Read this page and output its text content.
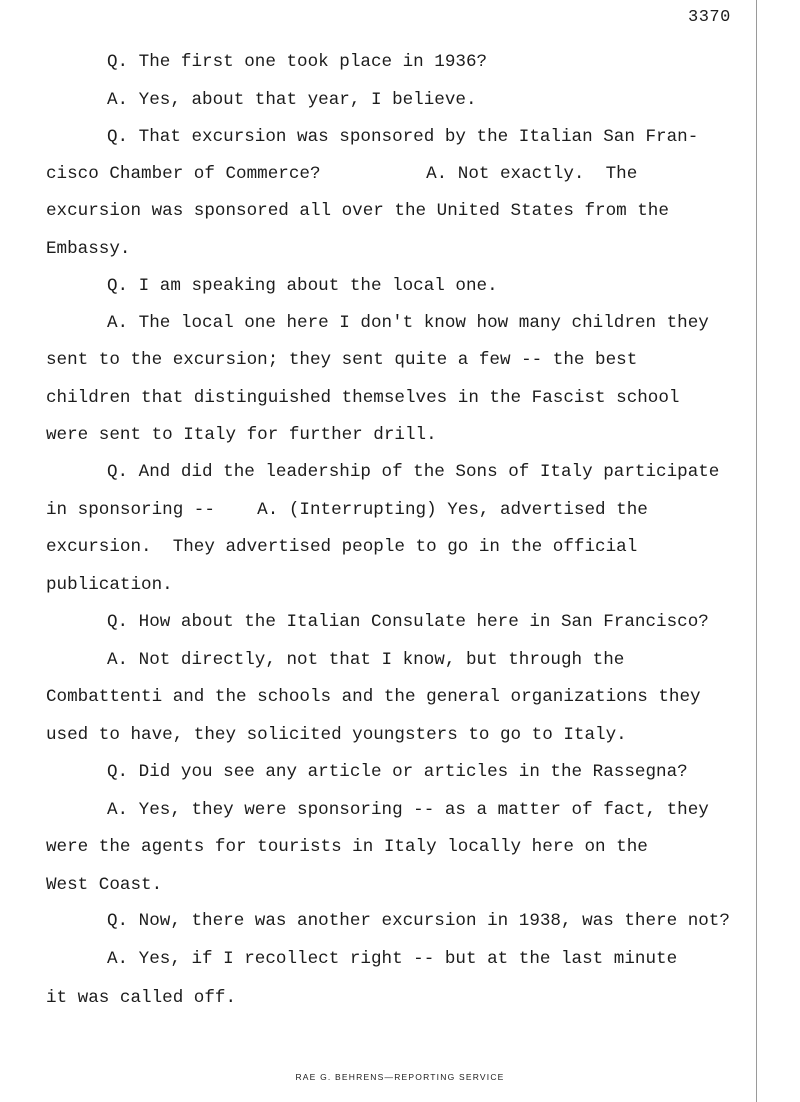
3370
Q. The first one took place in 1936?
A. Yes, about that year, I believe.
Q. That excursion was sponsored by the Italian San Fran-
cisco Chamber of Commerce?          A. Not exactly.  The
excursion was sponsored all over the United States from the
Embassy.
Q. I am speaking about the local one.
A. The local one here I don't know how many children they
sent to the excursion; they sent quite a few -- the best
children that distinguished themselves in the Fascist school
were sent to Italy for further drill.
Q. And did the leadership of the Sons of Italy participate
in sponsoring --    A. (Interrupting) Yes, advertised the
excursion.  They advertised people to go in the official
publication.
Q. How about the Italian Consulate here in San Francisco?
A. Not directly, not that I know, but through the
Combattenti and the schools and the general organizations they
used to have, they solicited youngsters to go to Italy.
Q. Did you see any article or articles in the Rassegna?
A. Yes, they were sponsoring -- as a matter of fact, they
were the agents for tourists in Italy locally here on the
West Coast.
Q. Now, there was another excursion in 1938, was there not?
A. Yes, if I recollect right -- but at the last minute
it was called off.
RAE G. BEHRENS—REPORTING SERVICE
